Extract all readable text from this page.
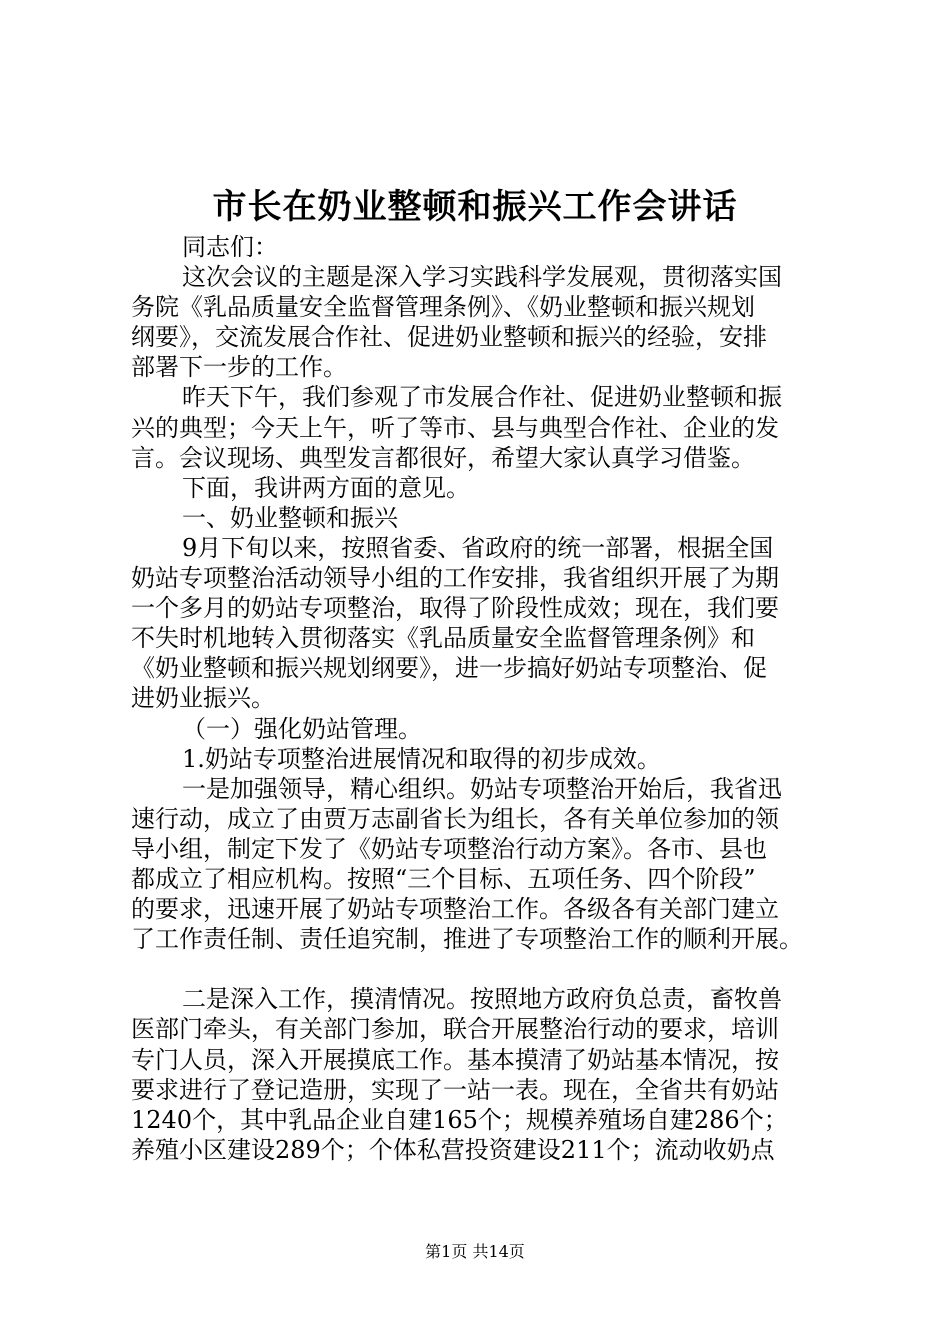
市长在奶业整顿和振兴工作会讲话
同志们：
这次会议的主题是深入学习实践科学发展观，贯彻落实国
务院《乳品质量安全监督管理条例》、《奶业整顿和振兴规划
纲要》，交流发展合作社、促进奶业整顿和振兴的经验，安排
部署下一步的工作。
昨天下午，我们参观了市发展合作社、促进奶业整顿和振
兴的典型；今天上午，听了等市、县与典型合作社、企业的发
言。会议现场、典型发言都很好，希望大家认真学习借鉴。
下面，我讲两方面的意见。
一、奶业整顿和振兴
9月下旬以来，按照省委、省政府的统一部署，根据全国
奶站专项整治活动领导小组的工作安排，我省组织开展了为期
一个多月的奶站专项整治，取得了阶段性成效；现在，我们要
不失时机地转入贯彻落实《乳品质量安全监督管理条例》和
《奶业整顿和振兴规划纲要》，进一步搞好奶站专项整治、促
进奶业振兴。
（一）强化奶站管理。
1.奶站专项整治进展情况和取得的初步成效。
一是加强领导，精心组织。奶站专项整治开始后，我省迅
速行动，成立了由贾万志副省长为组长，各有关单位参加的领
导小组，制定下发了《奶站专项整治行动方案》。各市、县也
都成立了相应机构。按照“三个目标、五项任务、四个阶段”
的要求，迅速开展了奶站专项整治工作。各级各有关部门建立
了工作责任制、责任追究制，推进了专项整治工作的顺利开展。
二是深入工作，摸清情况。按照地方政府负总责，畜牧兽
医部门牵头，有关部门参加，联合开展整治行动的要求，培训
专门人员，深入开展摸底工作。基本摸清了奶站基本情况，按
要求进行了登记造册，实现了一站一表。现在，全省共有奶站
1240个，其中乳品企业自建165个；规模养殖场自建286个；
养殖小区建设289个；个体私营投资建设211个；流动收奶点
第1页 共14页
